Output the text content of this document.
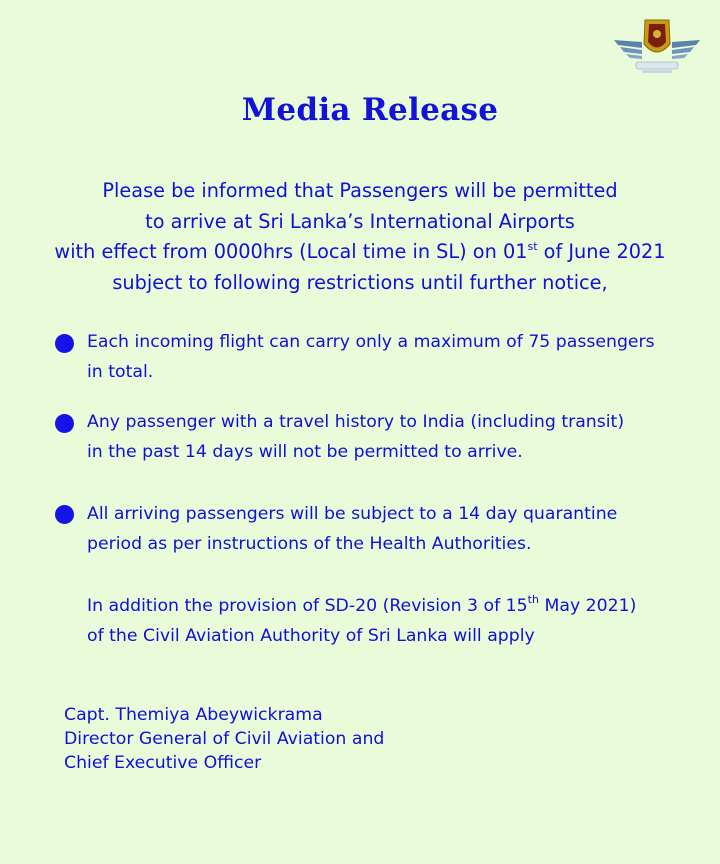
Media Release

Please be informed that Passengers will be permitted

to arrive at Sri Lanka’s International Airports

with effect from 0000hrs (Local time in SL) on 01st of June 2021

subject to following restrictions until further notice,

Each incoming flight can carry only a maximum of 75 passengers

in total.

Any passenger with a travel history to India (including transit)

in the past 14 days will not be permitted to arrive.

All arriving passengers will be subject to a 14 day quarantine

period as per instructions of the Health Authorities.

In addition the provision of SD-20 (Revision 3 of 15th May 2021)

of the Civil Aviation Authority of Sri Lanka will apply

Capt. Themiya Abeywickrama

Director General of Civil Aviation and

Chief Executive Officer
